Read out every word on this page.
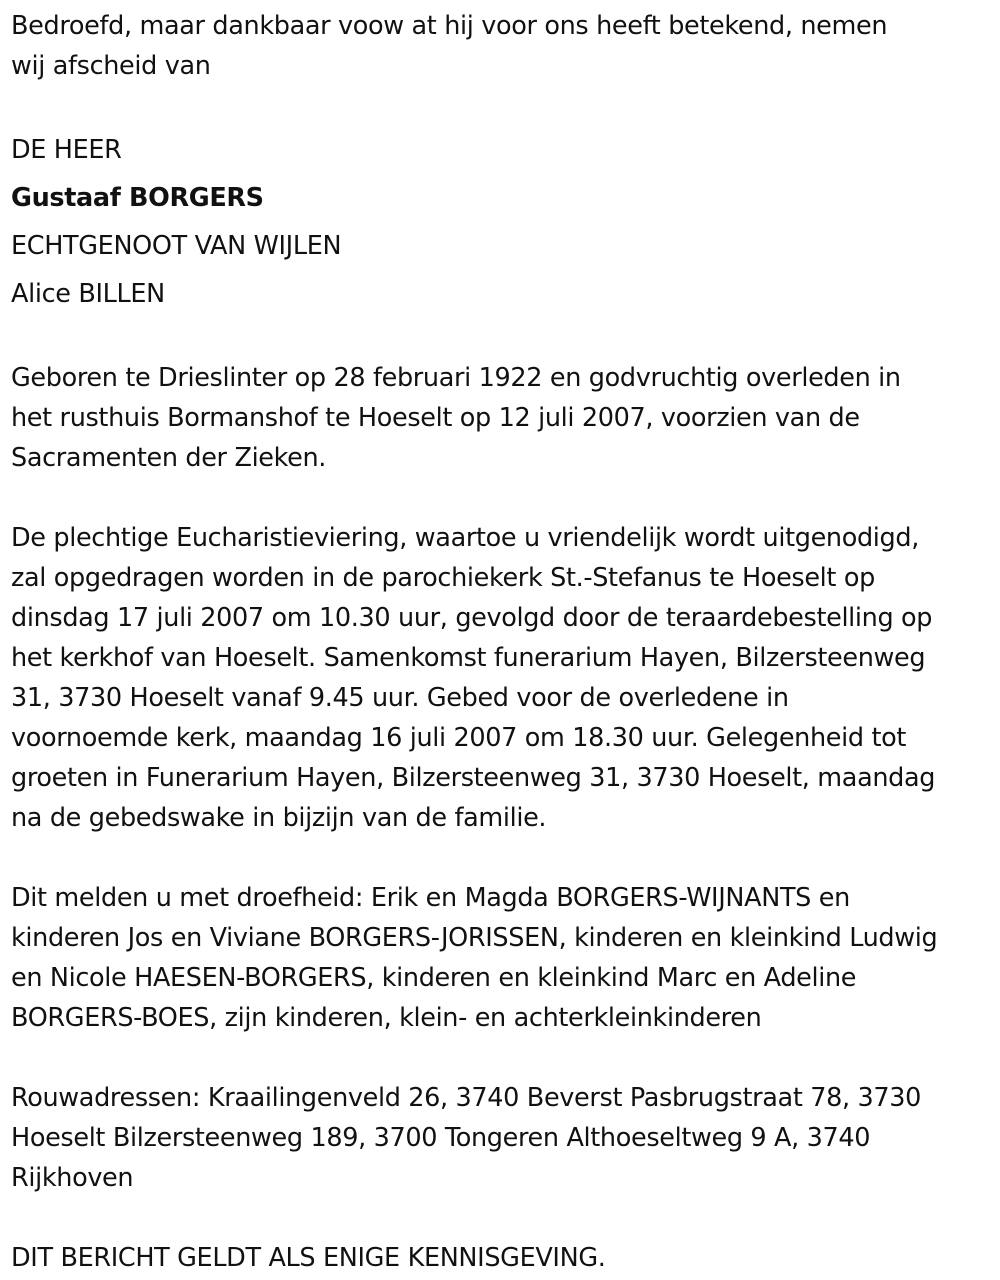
Bedroefd, maar dankbaar voow at hij voor ons heeft betekend, nemen
wij afscheid van

DE HEER

Gustaaf BORGERS

ECHTGENOOT VAN WIJLEN

Alice BILLEN

Geboren te Drieslinter op 28 februari 1922 en godvruchtig overleden in
het rusthuis Bormanshof te Hoeselt op 12 juli 2007, voorzien van de
Sacramenten der Zieken.

De plechtige Eucharistieviering, waartoe u vriendelijk wordt uitgenodigd,
zal opgedragen worden in de parochiekerk St.-Stefanus te Hoeselt op
dinsdag 17 juli 2007 om 10.30 uur, gevolgd door de teraardebestelling op
het kerkhof van Hoeselt. Samenkomst funerarium Hayen, Bilzersteenweg
31, 3730 Hoeselt vanaf 9.45 uur. Gebed voor de overledene in
voornoemde kerk, maandag 16 juli 2007 om 18.30 uur. Gelegenheid tot
groeten in Funerarium Hayen, Bilzersteenweg 31, 3730 Hoeselt, maandag
na de gebedswake in bijzijn van de familie.

Dit melden u met droefheid: Erik en Magda BORGERS-WIJNANTS en
kinderen Jos en Viviane BORGERS-JORISSEN, kinderen en kleinkind Ludwig
en Nicole HAESEN-BORGERS, kinderen en kleinkind Marc en Adeline
BORGERS-BOES, zijn kinderen, klein- en achterkleinkinderen

Rouwadressen: Kraailingenveld 26, 3740 Beverst Pasbrugstraat 78, 3730
Hoeselt Bilzersteenweg 189, 3700 Tongeren Althoeseltweg 9 A, 3740
Rijkhoven

DIT BERICHT GELDT ALS ENIGE KENNISGEVING.
